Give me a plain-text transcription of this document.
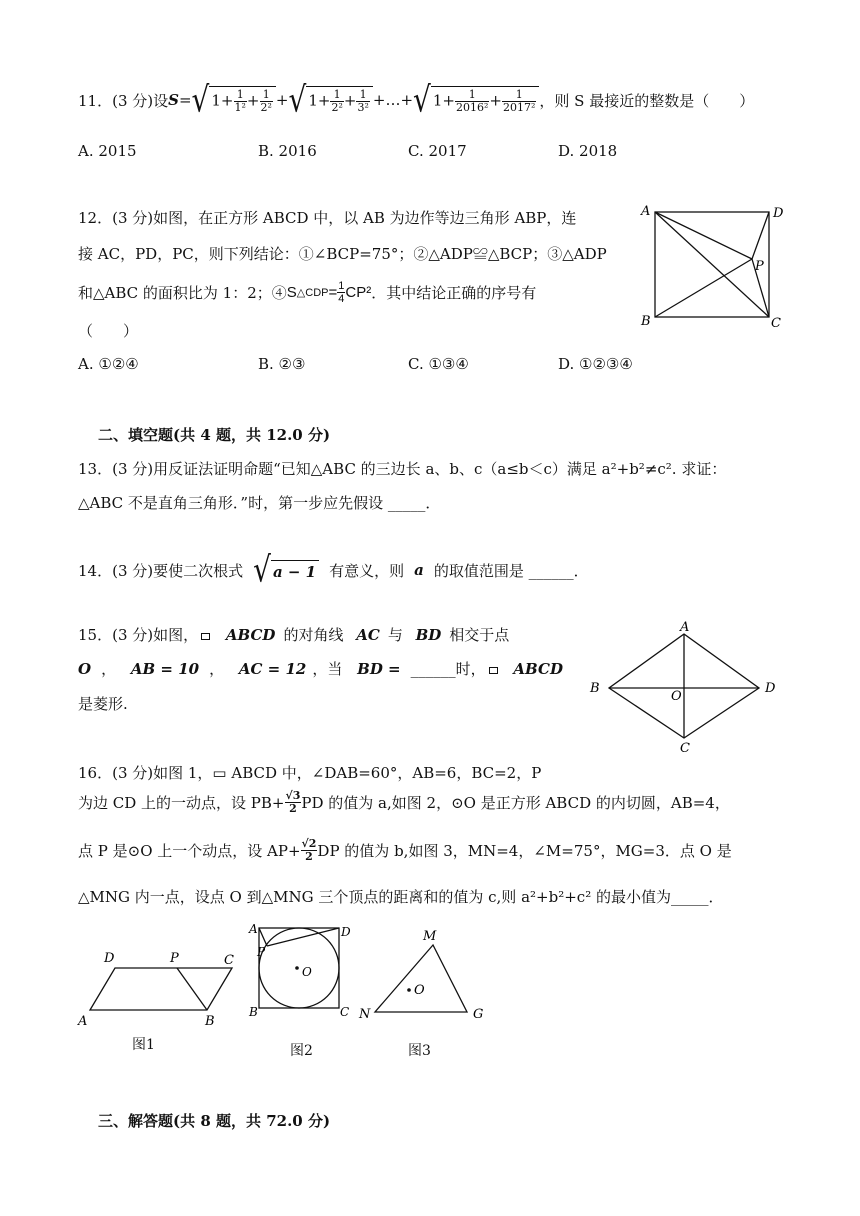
11．(3 分)设 S = √ $1+ \frac{1}{\text{1²}} + \frac{1}{\text{2²}}$ + √ $1+ \frac{1}{\text{2²}} + \frac{1}{\text{3²}}$ +…+ √ $1+ \frac{1}{\text{2016²}} + \frac{1}{\text{2017²}}$ ，则 S 最接近的整数是（　　）
A. 2015	B. 2016	C. 2017	D. 2018
12．(3 分)如图，在正方形 ABCD 中，以 AB 为边作等边三角形 ABP，连
接 AC，PD，PC，则下列结论：①∠BCP=75°；②△ADP≌△BCP；③△ADP
和△ABC 的面积比为 1：2；④ S △CDP = $\frac{1}{4} CP^2$ ．其中结论正确的序号有
（　　）
A. ①②④	B. ②③	C. ①③④	D. ①②③④
A	D
P
B	C
二、填空题(共 4 题，共 12.0 分)
13．(3 分)用反证法证明命题“已知△ABC 的三边长 a、b、c（a≤b＜c）满足 a²+b²≠c². 求证：
△ABC 不是直角三角形．”时，第一步应先假设 _____．
14．(3 分)要使二次根式 √ a − 1 有意义，则 a 的取值范围是 ______．
15．(3 分)如图， ABCD 的对角线 AC 与 BD 相交于点
O ， AB = 10 ， AC = 12 ，当 BD = ______时， ABCD
是菱形.
A
B
O
D
C
16．(3 分)如图 1，▭ ABCD 中，∠DAB=60°，AB=6，BC=2，P
为边 CD 上的一动点，设 $PB+ \frac{√3}{2}$ PD 的值为 a,如图 2，⊙O 是正方形 ABCD 的内切圆，AB=4，
点 P 是⊙O 上一个动点，设 $AP+ \frac{√2}{2}$ DP 的值为 b,如图 3，MN=4，∠M=75°，MG=3．点 O 是
△MNG 内一点，设点 O 到△MNG 三个顶点的距离和的值为 c,则 a²+b²+c² 的最小值为_____．
D	P	C
A	B
图1
A	D
P
O
B	C
图2
M
O
N	G
图3
三、解答题(共 8 题，共 72.0 分)
